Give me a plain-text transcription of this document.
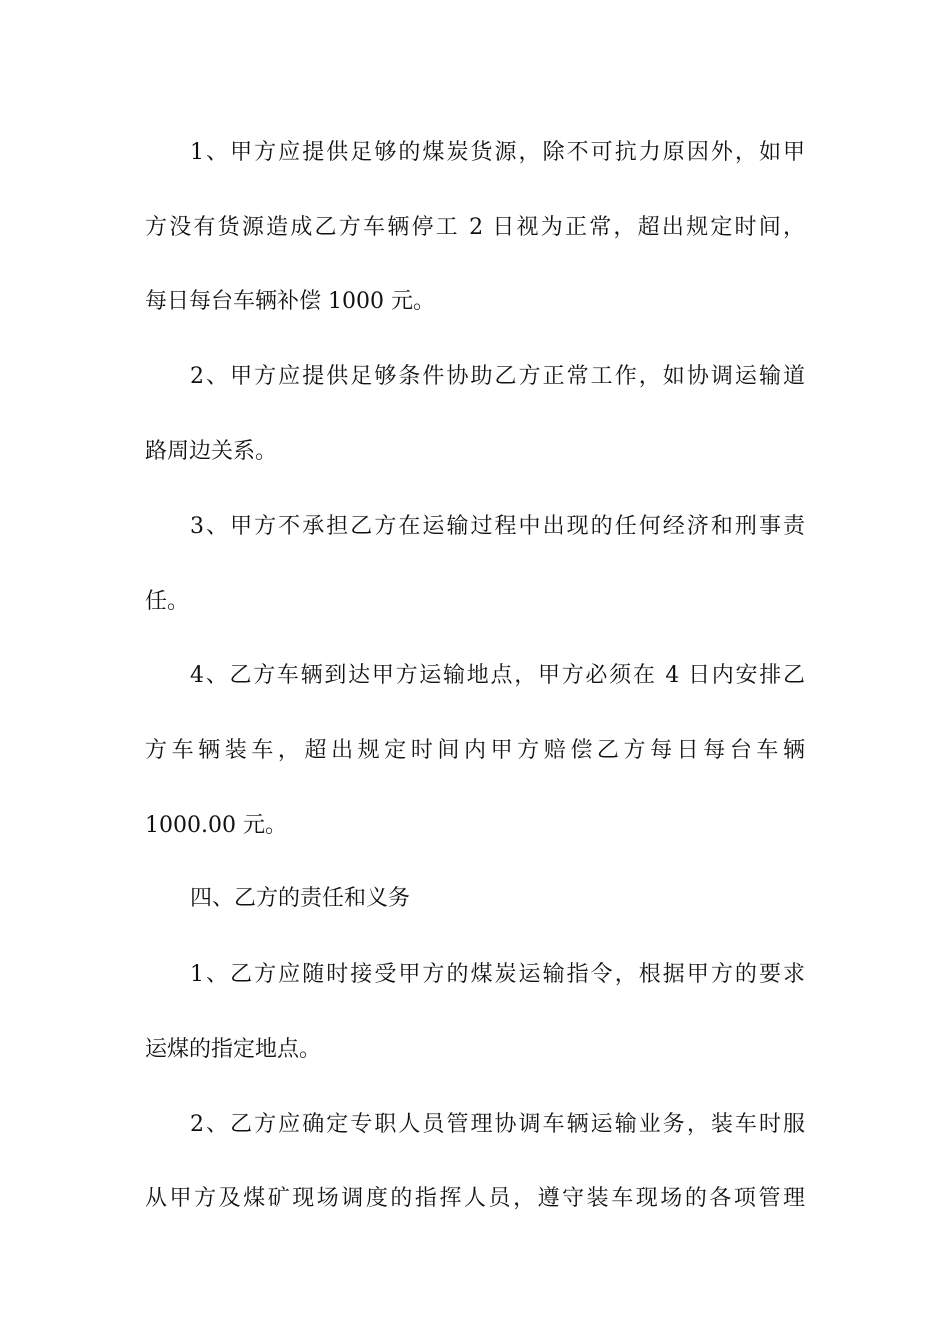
1、甲方应提供足够的煤炭货源，除不可抗力原因外，如甲
方没有货源造成乙方车辆停工 2 日视为正常，超出规定时间，
每日每台车辆补偿 1000 元。
2、甲方应提供足够条件协助乙方正常工作，如协调运输道
路周边关系。
3、甲方不承担乙方在运输过程中出现的任何经济和刑事责
任。
4、乙方车辆到达甲方运输地点，甲方必须在 4 日内安排乙
方车辆装车，超出规定时间内甲方赔偿乙方每日每台车辆
1000.00 元。
四、乙方的责任和义务
1、乙方应随时接受甲方的煤炭运输指令，根据甲方的要求
运煤的指定地点。
2、乙方应确定专职人员管理协调车辆运输业务，装车时服
从甲方及煤矿现场调度的指挥人员，遵守装车现场的各项管理
